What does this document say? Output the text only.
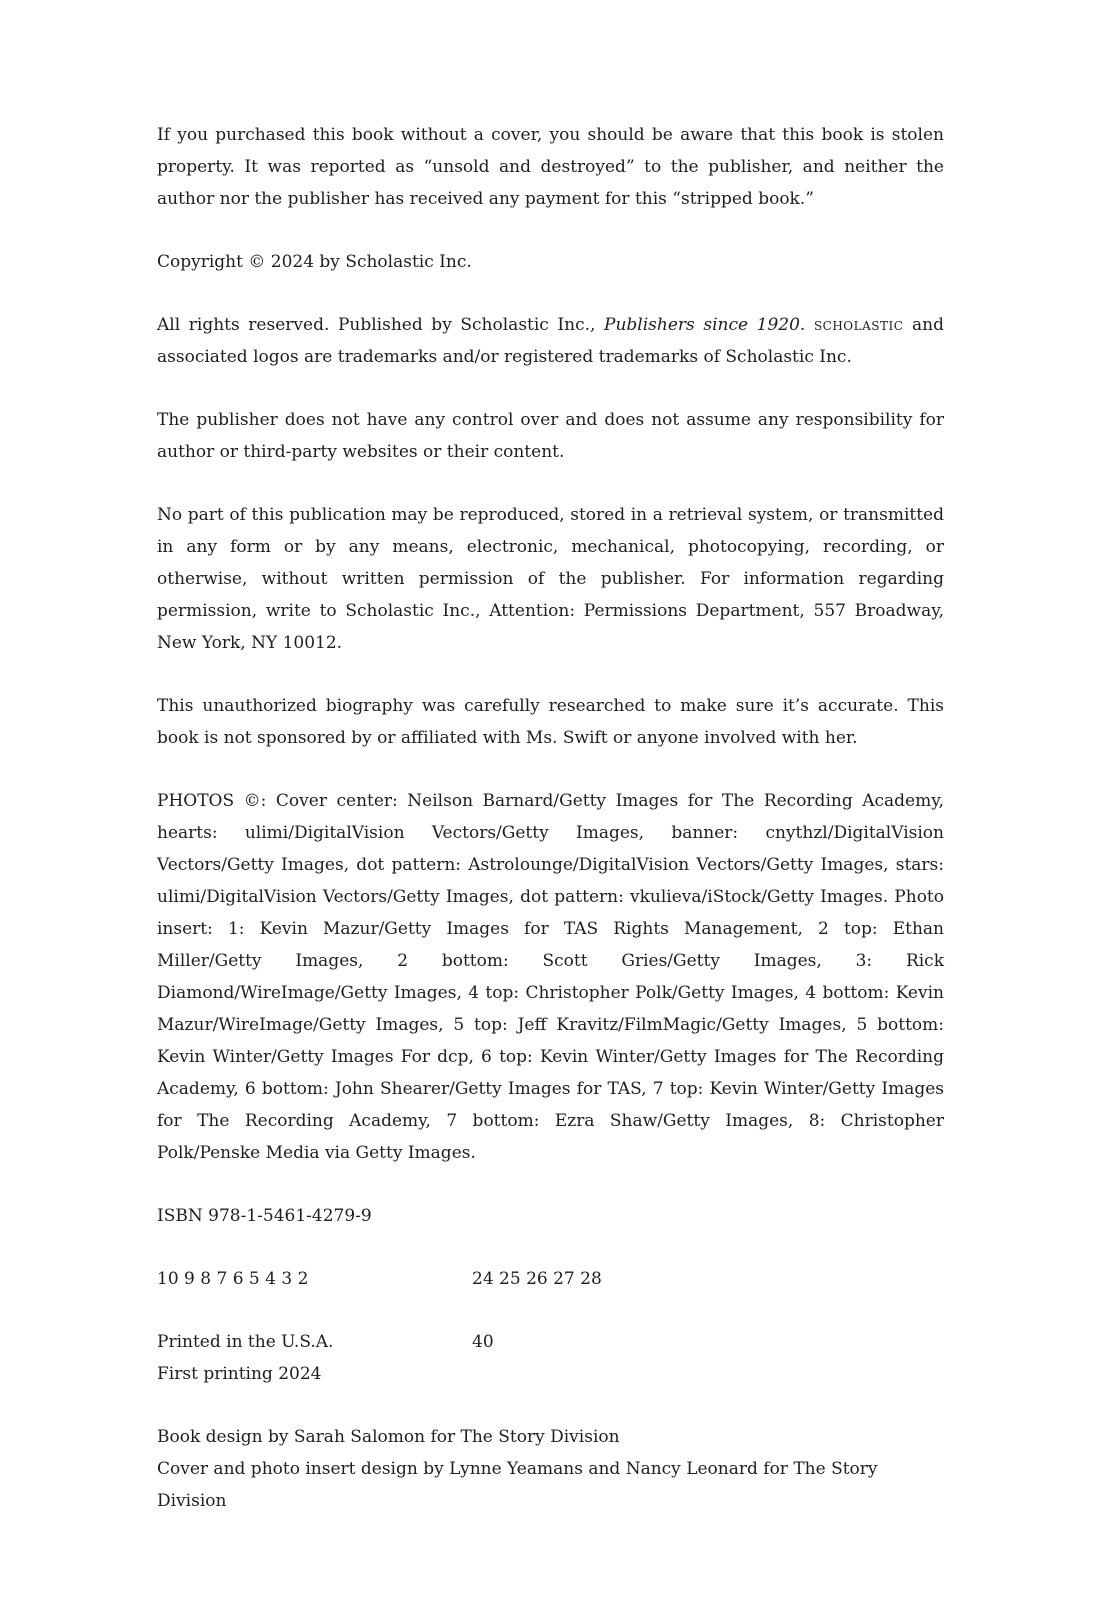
If you purchased this book without a cover, you should be aware that this book is stolen property. It was reported as “unsold and destroyed” to the publisher, and neither the author nor the publisher has received any payment for this “stripped book.”

Copyright © 2024 by Scholastic Inc.

All rights reserved. Published by Scholastic Inc., Publishers since 1920. scholastic and associated logos are trademarks and/or registered trademarks of Scholastic Inc.

The publisher does not have any control over and does not assume any responsibility for author or third-party websites or their content.

No part of this publication may be reproduced, stored in a retrieval system, or transmitted in any form or by any means, electronic, mechanical, photocopying, recording, or otherwise, without written permission of the publisher. For information regarding permission, write to Scholastic Inc., Attention: Permissions Department, 557 Broadway, New York, NY 10012.

This unauthorized biography was carefully researched to make sure it’s accurate. This book is not sponsored by or affiliated with Ms. Swift or anyone involved with her.

PHOTOS ©: Cover center: Neilson Barnard/Getty Images for The Recording Academy, hearts: ulimi/DigitalVision Vectors/Getty Images, banner: cnythzl/DigitalVision Vectors/Getty Images, dot pattern: Astrolounge/DigitalVision Vectors/Getty Images, stars: ulimi/DigitalVision Vectors/Getty Images, dot pattern: vkulieva/iStock/Getty Images. Photo insert: 1: Kevin Mazur/Getty Images for TAS Rights Management, 2 top: Ethan Miller/Getty Images, 2 bottom: Scott Gries/Getty Images, 3: Rick Diamond/WireImage/Getty Images, 4 top: Christopher Polk/Getty Images, 4 bottom: Kevin Mazur/WireImage/Getty Images, 5 top: Jeff Kravitz/FilmMagic/Getty Images, 5 bottom: Kevin Winter/Getty Images For dcp, 6 top: Kevin Winter/Getty Images for The Recording Academy, 6 bottom: John Shearer/Getty Images for TAS, 7 top: Kevin Winter/Getty Images for The Recording Academy, 7 bottom: Ezra Shaw/Getty Images, 8: Christopher Polk/Penske Media via Getty Images.

ISBN 978-1-5461-4279-9

10 9 8 7 6 5 4 3 2	24 25 26 27 28
Printed in the U.S.A.
First printing 2024
40
Book design by Sarah Salomon for The Story Division
Cover and photo insert design by Lynne Yeamans and Nancy Leonard for The Story Division
